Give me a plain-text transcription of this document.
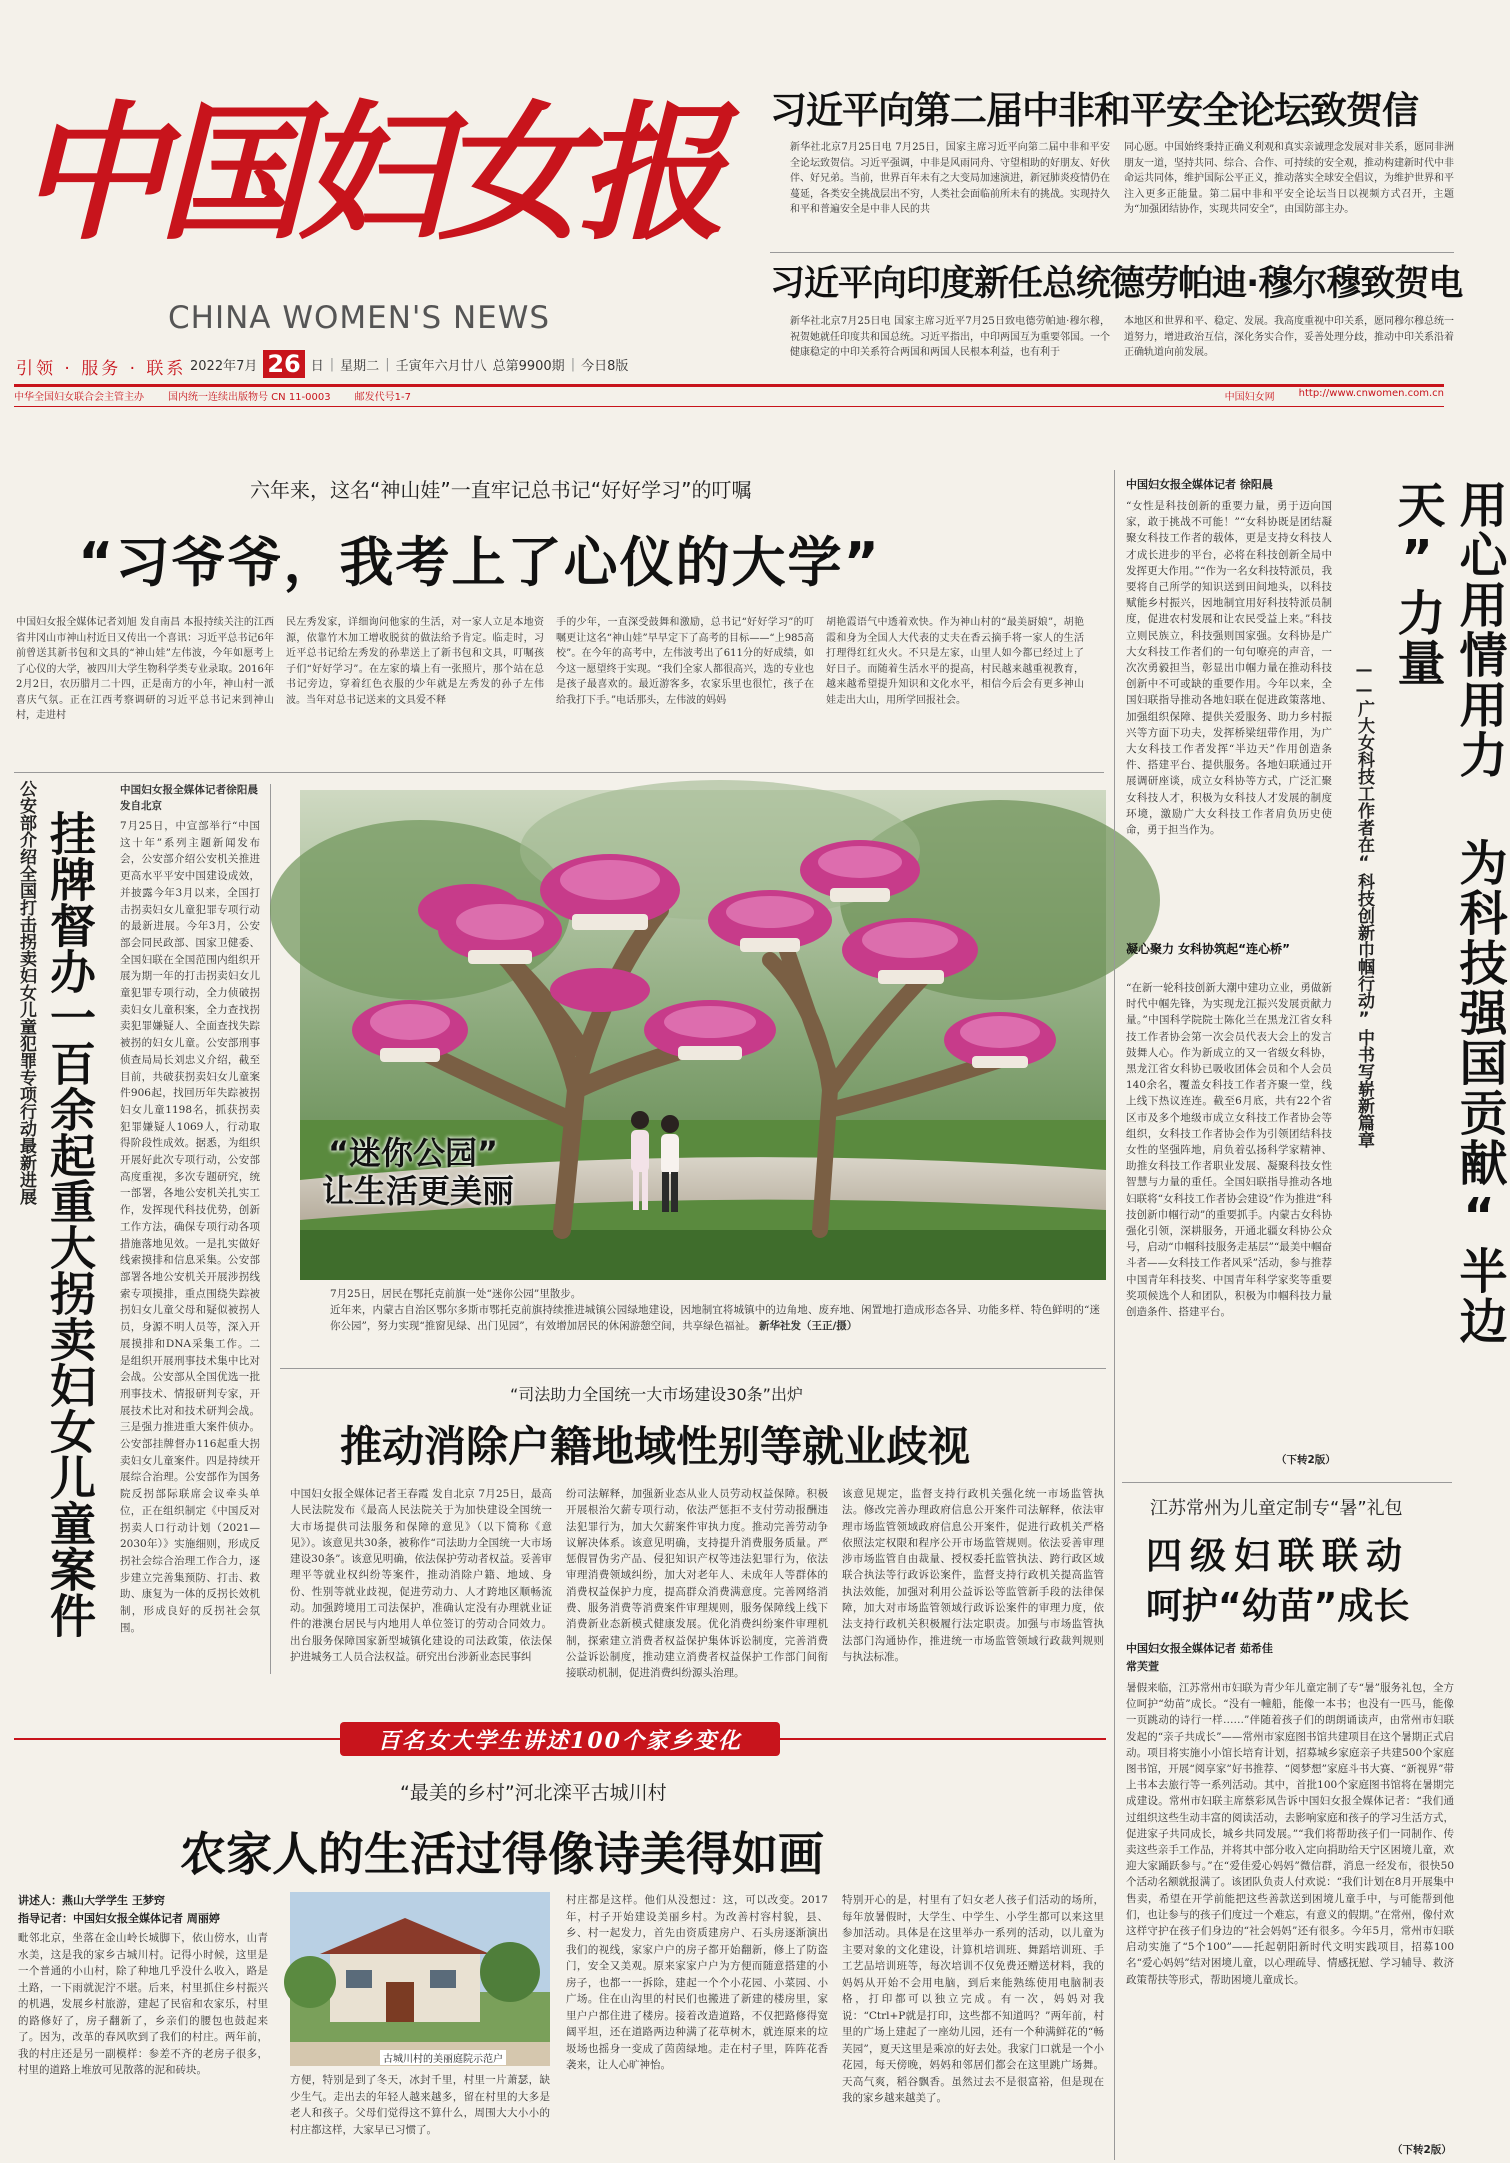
中国妇女报
CHINA WOMEN'S NEWS
引领 · 服务 · 联系 2022年7月 26 日 | 星期二 | 壬寅年六月廿八 总第9900期 | 今日8版
中华全国妇女联合会主管主办 国内统一连续出版物号 CN 11-0003 邮发代号1-7	中国妇女网 http://www.cnwomen.com.cn
习近平向第二届中非和平安全论坛致贺信
新华社北京7月25日电 7月25日，国家主席习近平向第二届中非和平安全论坛致贺信。习近平强调，中非是风雨同舟、守望相助的好朋友、好伙伴、好兄弟。当前，世界百年未有之大变局加速演进，新冠肺炎疫情仍在蔓延，各类安全挑战层出不穷，人类社会面临前所未有的挑战。实现持久和平和普遍安全是中非人民的共
同心愿。中国始终秉持正确义利观和真实亲诚理念发展对非关系，愿同非洲朋友一道，坚持共同、综合、合作、可持续的安全观，推动构建新时代中非命运共同体，维护国际公平正义，推动落实全球安全倡议，为维护世界和平注入更多正能量。第二届中非和平安全论坛当日以视频方式召开，主题为“加强团结协作，实现共同安全”，由国防部主办。
习近平向印度新任总统德劳帕迪·穆尔穆致贺电
新华社北京7月25日电 国家主席习近平7月25日致电德劳帕迪·穆尔穆，祝贺她就任印度共和国总统。习近平指出，中印两国互为重要邻国。一个健康稳定的中印关系符合两国和两国人民根本利益，也有利于
本地区和世界和平、稳定、发展。我高度重视中印关系，愿同穆尔穆总统一道努力，增进政治互信，深化务实合作，妥善处理分歧，推动中印关系沿着正确轨道向前发展。
六年来，这名“神山娃”一直牢记总书记“好好学习”的叮嘱
“习爷爷，我考上了心仪的大学”
中国妇女报全媒体记者刘旭 发自南昌 本报持续关注的江西省井冈山市神山村近日又传出一个喜讯：习近平总书记6年前曾送其新书包和文具的“神山娃”左伟波，今年如愿考上了心仪的大学，被四川大学生物科学类专业录取。2016年2月2日，农历腊月二十四，正是南方的小年，神山村一派喜庆气氛。正在江西考察调研的习近平总书记来到神山村，走进村
民左秀发家，详细询问他家的生活，对一家人立足本地资源，依靠竹木加工增收脱贫的做法给予肯定。临走时，习近平总书记给左秀发的孙辈送上了新书包和文具，叮嘱孩子们“好好学习”。在左家的墙上有一张照片，那个站在总书记旁边，穿着红色衣服的少年就是左秀发的孙子左伟波。当年对总书记送来的文具爱不释
手的少年，一直深受鼓舞和激励，总书记“好好学习”的叮嘱更让这名“神山娃”早早定下了高考的目标——“上985高校”。在今年的高考中，左伟波考出了611分的好成绩，如今这一愿望终于实现。“我们全家人都很高兴，选的专业也是孩子最喜欢的。最近游客多，农家乐里也很忙，孩子在给我打下手。”电话那头，左伟波的妈妈
胡艳霞语气中透着欢快。作为神山村的“最美厨娘”，胡艳霞和身为全国人大代表的丈夫在香云摘手将一家人的生活打理得红红火火。不只是左家，山里人如今都已经过上了好日子。而随着生活水平的提高，村民越来越重视教育，越来越希望提升知识和文化水平，相信今后会有更多神山娃走出大山，用所学回报社会。
公安部介绍全国打击拐卖妇女儿童犯罪专项行动最新进展 挂牌督办一百余起重大拐卖妇女儿童案件
中国妇女报全媒体记者徐阳晨 发自北京
7月25日，中宣部举行“中国这十年”系列主题新闻发布会，公安部介绍公安机关推进更高水平平安中国建设成效，并披露今年3月以来，全国打击拐卖妇女儿童犯罪专项行动的最新进展。今年3月，公安部会同民政部、国家卫健委、全国妇联在全国范围内组织开展为期一年的打击拐卖妇女儿童犯罪专项行动，全力侦破拐卖妇女儿童积案，全力查找拐卖犯罪嫌疑人、全面查找失踪被拐的妇女儿童。公安部刑事侦查局局长刘忠义介绍，截至目前，共破获拐卖妇女儿童案件906起，找回历年失踪被拐妇女儿童1198名，抓获拐卖犯罪嫌疑人1069人，行动取得阶段性成效。据悉，为组织开展好此次专项行动，公安部高度重视，多次专题研究，统一部署，各地公安机关扎实工作，发挥现代科技优势，创新工作方法，确保专项行动各项措施落地见效。一是扎实做好线索摸排和信息采集。公安部部署各地公安机关开展涉拐线索专项摸排，重点围绕失踪被拐妇女儿童父母和疑似被拐人员，身源不明人员等，深入开展摸排和DNA采集工作。二是组织开展刑事技术集中比对会战。公安部从全国优选一批刑事技术、情报研判专家，开展技术比对和技术研判会战。三是强力推进重大案件侦办。公安部挂牌督办116起重大拐卖妇女儿童案件。四是持续开展综合治理。公安部作为国务院反拐部际联席会议牵头单位，正在组织制定《中国反对拐卖人口行动计划（2021—2030年）》实施细则，形成反拐社会综合治理工作合力，逐步建立完善集预防、打击、救助、康复为一体的反拐长效机制，形成良好的反拐社会氛围。
“迷你公园”
让生活更美丽
7月25日，居民在鄂托克前旗一处“迷你公园”里散步。
近年来，内蒙古自治区鄂尔多斯市鄂托克前旗持续推进城镇公园绿地建设，因地制宜将城镇中的边角地、废弃地、闲置地打造成形态各异、功能多样、特色鲜明的“迷你公园”，努力实现“推窗见绿、出门见园”，有效增加居民的休闲游憩空间，共享绿色福祉。 新华社发（王正/摄）
“司法助力全国统一大市场建设30条”出炉
推动消除户籍地域性别等就业歧视
中国妇女报全媒体记者王春霞 发自北京 7月25日，最高人民法院发布《最高人民法院关于为加快建设全国统一大市场提供司法服务和保障的意见》（以下简称《意见》）。该意见共30条，被称作“司法助力全国统一大市场建设30条”。该意见明确，依法保护劳动者权益。妥善审理平等就业权纠纷等案件，推动消除户籍、地域、身份、性别等就业歧视，促进劳动力、人才跨地区顺畅流动。加强跨境用工司法保护，准确认定没有办理就业证件的港澳台居民与内地用人单位签订的劳动合同效力。出台服务保障国家新型城镇化建设的司法政策，依法保护进城务工人员合法权益。研究出台涉新业态民事纠
纷司法解释，加强新业态从业人员劳动权益保障。积极开展根治欠薪专项行动，依法严惩拒不支付劳动报酬违法犯罪行为，加大欠薪案件审执力度。推动完善劳动争议解决体系。该意见明确，支持提升消费服务质量。严惩假冒伪劣产品、侵犯知识产权等违法犯罪行为，依法审理消费领域纠纷，加大对老年人、未成年人等群体的消费权益保护力度，提高群众消费满意度。完善网络消费、服务消费等消费案件审理规则，服务保障线上线下消费新业态新模式健康发展。优化消费纠纷案件审理机制，探索建立消费者权益保护集体诉讼制度，完善消费公益诉讼制度，推动建立消费者权益保护工作部门间衔接联动机制，促进消费纠纷源头治理。
该意见规定，监督支持行政机关强化统一市场监管执法。修改完善办理政府信息公开案件司法解释，依法审理市场监管领域政府信息公开案件，促进行政机关严格依照法定权限和程序公开市场监管规则。依法妥善审理涉市场监管自由裁量、授权委托监管执法、跨行政区域联合执法等行政诉讼案件，监督支持行政机关提高监管执法效能，加强对利用公益诉讼等监管新手段的法律保障，加大对市场监管领域行政诉讼案件的审理力度，依法支持行政机关积极履行法定职责。加强与市场监管执法部门沟通协作，推进统一市场监管领域行政裁判规则与执法标准。
百名女大学生讲述100个家乡变化
“最美的乡村”河北滦平古城川村
农家人的生活过得像诗美得如画
讲述人：燕山大学学生 王梦窍
指导记者：中国妇女报全媒体记者 周丽婷
毗邻北京，坐落在金山岭长城脚下，依山傍水，山青水美，这是我的家乡古城川村。记得小时候，这里是一个普通的小山村，除了种地几乎没什么收入，路是土路，一下雨就泥泞不堪。后来，村里抓住乡村振兴的机遇，发展乡村旅游，建起了民宿和农家乐，村里的路修好了，房子翻新了，乡亲们的腰包也鼓起来了。因为，改革的春风吹到了我们的村庄。两年前，我的村庄还是另一副模样：参差不齐的老房子很多，村里的道路上堆放可见散落的泥和砖块。
古城川村的美丽庭院示范户
方便，特别是到了冬天，冰封千里，村里一片萧瑟，缺少生气。走出去的年轻人越来越多，留在村里的大多是老人和孩子。父母们觉得这不算什么，周围大大小小的村庄都这样，大家早已习惯了。
村庄都是这样。他们从没想过：这，可以改变。2017年，村子开始建设美丽乡村。为改善村容村貌，县、乡、村一起发力，首先由资质建房户、石头房逐渐演出我们的视线，家家户户的房子都开始翻新，修上了防盗门，安全又美观。原来家家户户为方便而随意搭建的小房子，也都一一拆除，建起一个个小花园、小菜园、小广场。住在山沟里的村民们也搬进了新建的楼房里，家里户户都住进了楼房。接着改造道路，不仅把路修得宽阔平坦，还在道路两边种满了花草树木，就连原来的垃圾场也摇身一变成了茵茵绿地。走在村子里，阵阵花香袭来，让人心旷神怡。
特别开心的是，村里有了妇女老人孩子们活动的场所，每年放暑假时，大学生、中学生、小学生都可以来这里参加活动。具体是在这里举办一系列的活动，以儿童为主要对象的文化建设，计算机培训班、舞蹈培训班、手工艺品培训班等，每次培训不仅免费还赠送材料，我的妈妈从开始不会用电脑，到后来能熟练使用电脑制表格，打印都可以独立完成。有一次，妈妈对我说：“Ctrl+P就是打印，这些都不知道吗？”两年前，村里的广场上建起了一座幼儿园，还有一个种满鲜花的“畅芙园”，夏天这里是乘凉的好去处。我家门口就是一个小花园，每天傍晚，妈妈和邻居们都会在这里跳广场舞。天高气爽，稻谷飘香。虽然过去不是很富裕，但是现在我的家乡越来越美了。
中国妇女报全媒体记者 徐阳晨
“女性是科技创新的重要力量，勇于迈向国家，敢于挑战不可能！”“女科协既是团结凝聚女科技工作者的载体，更是支持女科技人才成长进步的平台，必将在科技创新全局中发挥更大作用。”“作为一名女科技特派员，我要将自己所学的知识送到田间地头，以科技赋能乡村振兴，因地制宜用好科技特派员制度，促进农村发展和让农民受益上来。”科技立则民族立，科技强则国家强。女科协是广大女科技工作者们的一句句嘹亮的声音，一次次勇毅担当，彰显出巾帼力量在推动科技创新中不可或缺的重要作用。今年以来，全国妇联指导推动各地妇联在促进政策落地、加强组织保障、提供关爱服务、助力乡村振兴等方面下功夫，发挥桥梁纽带作用，为广大女科技工作者发挥“半边天”作用创造条件、搭建平台、提供服务。各地妇联通过开展调研座谈，成立女科协等方式，广泛汇聚女科技人才，积极为女科技人才发展的制度环境，激励广大女科技工作者肩负历史使命，勇于担当作为。
凝心聚力 女科协筑起“连心桥”
“在新一轮科技创新大潮中建功立业，勇做新时代中帼先锋，为实现龙江振兴发展贡献力量。”中国科学院院士陈化兰在黑龙江省女科技工作者协会第一次会员代表大会上的发言鼓舞人心。作为新成立的又一省级女科协，黑龙江省女科协已吸收团体会员和个人会员140余名，覆盖女科技工作者齐聚一堂，线上线下热议连连。截至6月底，共有22个省区市及多个地级市成立女科技工作者协会等组织，女科技工作者协会作为引领团结科技女性的坚强阵地，肩负着弘扬科学家精神、助推女科技工作者职业发展、凝聚科技女性智慧与力量的重任。全国妇联指导推动各地妇联将“女科技工作者协会建设”作为推进“科技创新巾帼行动”的重要抓手。内蒙古女科协强化引领，深耕服务，开通北疆女科协公众号，启动“巾帼科技服务走基层”“最美中帼奋斗者——女科技工作者风采”活动，参与推荐中国青年科技奖、中国青年科学家奖等重要奖项候选个人和团队，积极为巾帼科技力量创造条件、搭建平台。
（下转2版）
用心用情用力 为科技强国贡献“半边天”力量
——广大女科技工作者在“科技创新巾帼行动”中书写崭新篇章
江苏常州为儿童定制专“暑”礼包
四级妇联联动
呵护“幼苗”成长
中国妇女报全媒体记者 茹希佳
常芙萱
暑假来临，江苏常州市妇联为青少年儿童定制了专“暑”服务礼包，全方位呵护“幼苗”成长。“没有一幢船，能像一本书；也没有一匹马，能像一页跳动的诗行一样……”伴随着孩子们的朗朗诵读声，由常州市妇联发起的“亲子共成长”——常州市家庭图书馆共建项目在这个暑期正式启动。项目将实施小小馆长培育计划，招募城乡家庭亲子共建500个家庭图书馆，开展“阅享家”好书推荐、“阅梦想”家庭斗书大赛、“新视界”带上书本去旅行等一系列活动。其中，首批100个家庭图书馆将在暑期完成建设。常州市妇联主席蔡彩凤告诉中国妇女报全媒体记者：“我们通过组织这些生动丰富的阅读活动，去影响家庭和孩子的学习生活方式，促进家子共同成长，城乡共同发展。”“我们将帮助孩子们一同制作、传卖这些亲手工作品，并将其中部分收入定向捐助给天宁区困境儿童，欢迎大家踊跃参与。”在“爱佳爱心妈妈”微信群，消息一经发布，很快50个活动名额就报满了。该团队负责人付欢说：“我们计划在8月开展集中售卖，希望在开学前能把这些善款送到困境儿童手中，与可能帮到他们，也让参与的孩子们度过一个难忘，有意义的假期。”在常州，像付欢这样守护在孩子们身边的“社会妈妈”还有很多。今年5月，常州市妇联启动实施了“5个100”——托起朝阳新时代文明实践项目，招募100名“爱心妈妈”结对困境儿童，以心理疏导、情感抚慰、学习辅导、救济政策帮扶等形式，帮助困境儿童成长。
（下转2版）
